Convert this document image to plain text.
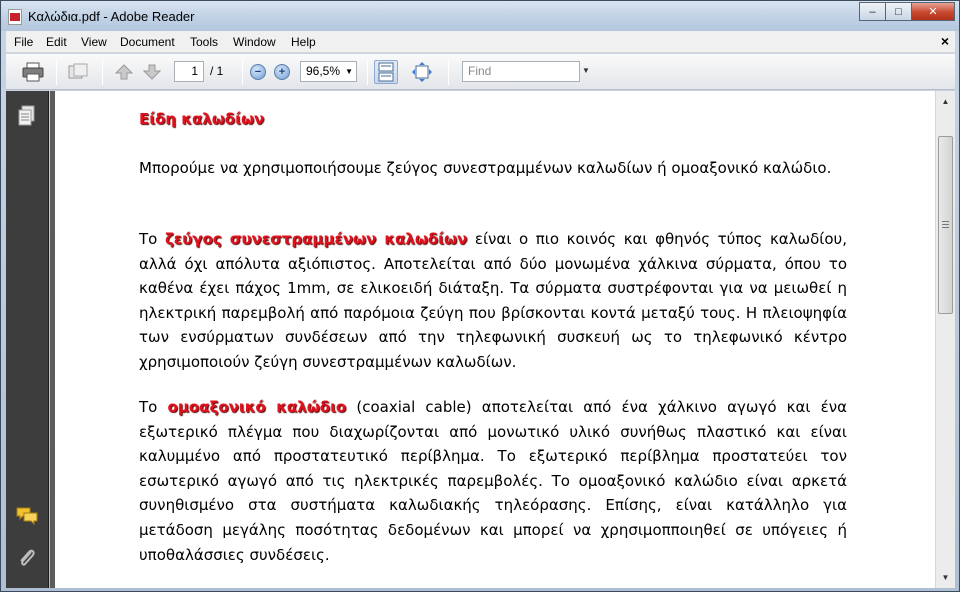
Καλώδια.pdf - Adobe Reader	–	□	✕
File Edit View Document Tools Window Help	×
1	/ 1	− +	96,5% ▼	Find	▼
Είδη καλωδίων

Μπορούμε να χρησιμοποιήσουμε ζεύγος συνεστραμμένων καλωδίων ή ομοαξονικό καλώδιο.

Το ζεύγος συνεστραμμένων καλωδίων είναι ο πιο κοινός και φθηνός τύπος καλωδίου, αλλά όχι απόλυτα αξιόπιστος. Αποτελείται από δύο μονωμένα χάλκινα σύρματα, όπου το καθένα έχει πάχος 1mm, σε ελικοειδή διάταξη. Τα σύρματα συστρέφονται για να μειωθεί η ηλεκτρική παρεμβολή από παρόμοια ζεύγη που βρίσκονται κοντά μεταξύ τους. Η πλειοψηφία των ενσύρματων συνδέσεων από την τηλεφωνική συσκευή ως το τηλεφωνικό κέντρο χρησιμοποιούν ζεύγη συνεστραμμένων καλωδίων.

Το ομοαξονικό καλώδιο (coaxial cable) αποτελείται από ένα χάλκινο αγωγό και ένα εξωτερικό πλέγμα που διαχωρίζονται από μονωτικό υλικό συνήθως πλαστικό και είναι καλυμμένο από προστατευτικό περίβλημα. Το εξωτερικό περίβλημα προστατεύει τον εσωτερικό αγωγό από τις ηλεκτρικές παρεμβολές. Το ομοαξονικό καλώδιο είναι αρκετά συνηθισμένο στα συστήματα καλωδιακής τηλεόρασης. Επίσης, είναι κατάλληλο για μετάδοση μεγάλης ποσότητας δεδομένων και μπορεί να χρησιμοπποιηθεί σε υπόγειες ή υποθαλάσσιες συνδέσεις.

▲
▼
